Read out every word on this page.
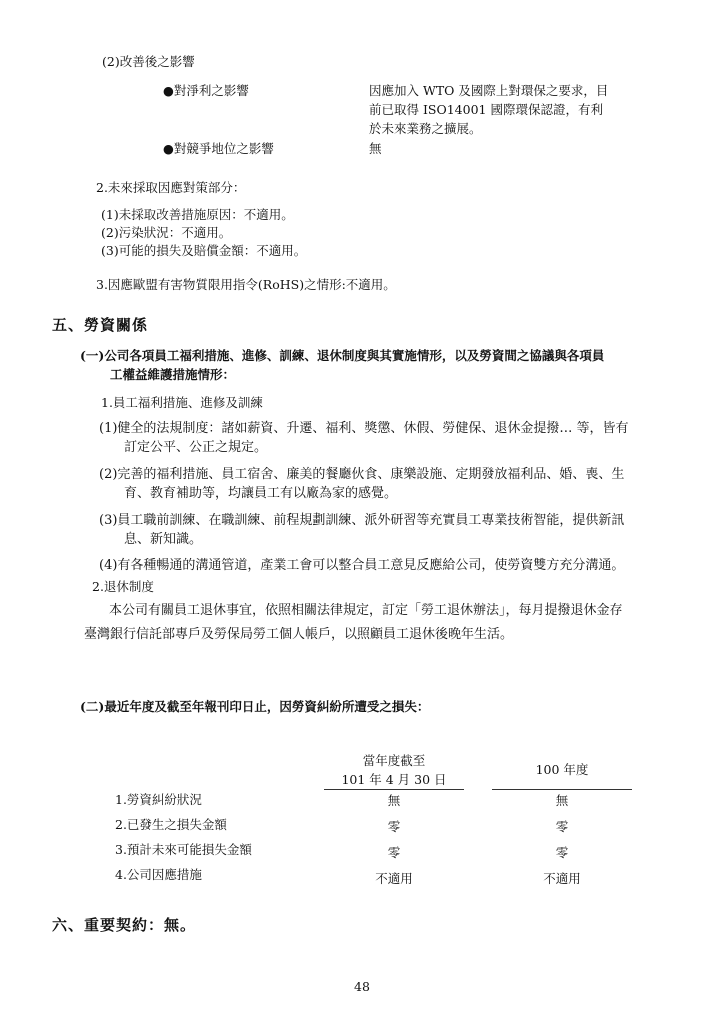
(2)改善後之影響
●對淨利之影響	因應加入 WTO 及國際上對環保之要求，目
前已取得 ISO14001 國際環保認證，有利
於未來業務之擴展。
●對競爭地位之影響	無
2.未來採取因應對策部分：
(1)未採取改善措施原因：不適用。
(2)污染狀況：不適用。
(3)可能的損失及賠償金額：不適用。
3.因應歐盟有害物質限用指令(RoHS)之情形:不適用。
五、勞資關係
(一)公司各項員工福利措施、進修、訓練、退休制度與其實施情形，以及勞資間之協議與各項員
工權益維護措施情形：
1.員工福利措施、進修及訓練
(1)健全的法規制度：諸如薪資、升遷、福利、獎懲、休假、勞健保、退休金提撥… 等，皆有
訂定公平、公正之規定。
(2)完善的福利措施、員工宿舍、廉美的餐廳伙食、康樂設施、定期發放福利品、婚、喪、生
育、教育補助等，均讓員工有以廠為家的感覺。
(3)員工職前訓練、在職訓練、前程規劃訓練、派外研習等充實員工專業技術智能，提供新訊
息、新知識。
(4)有各種暢通的溝通管道，產業工會可以整合員工意見反應給公司，使勞資雙方充分溝通。
2.退休制度
本公司有關員工退休事宜，依照相關法律規定，訂定「勞工退休辦法」，每月提撥退休金存
臺灣銀行信託部專戶及勞保局勞工個人帳戶，以照顧員工退休後晚年生活。
(二)最近年度及截至年報刊印日止，因勞資糾紛所遭受之損失：
當年度截至
101 年 4 月 30 日
100 年度
1.勞資糾紛狀況	無	無
2.已發生之損失金額	零	零
3.預計未來可能損失金額	零	零
4.公司因應措施	不適用	不適用
六、重要契約：無。
48
